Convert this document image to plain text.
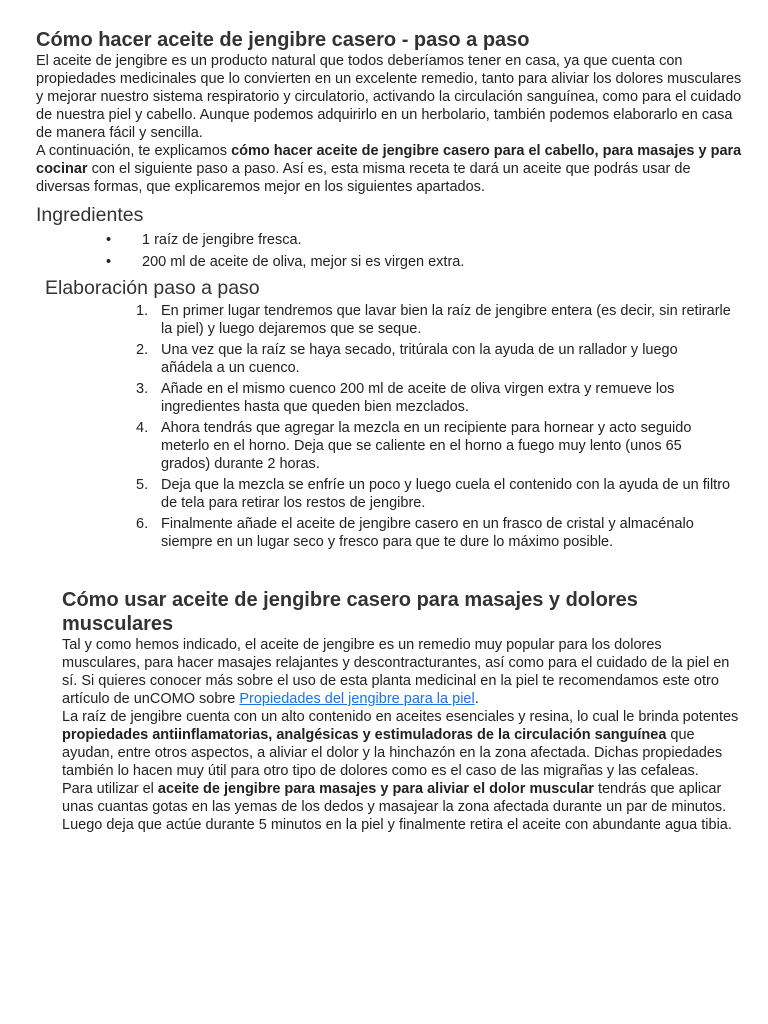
Cómo hacer aceite de jengibre casero - paso a paso

El aceite de jengibre es un producto natural que todos deberíamos tener en casa, ya que cuenta con propiedades medicinales que lo convierten en un excelente remedio, tanto para aliviar los dolores musculares y mejorar nuestro sistema respiratorio y circulatorio, activando la circulación sanguínea, como para el cuidado de nuestra piel y cabello. Aunque podemos adquirirlo en un herbolario, también podemos elaborarlo en casa de manera fácil y sencilla.

A continuación, te explicamos cómo hacer aceite de jengibre casero para el cabello, para masajes y para cocinar con el siguiente paso a paso. Así es, esta misma receta te dará un aceite que podrás usar de diversas formas, que explicaremos mejor en los siguientes apartados.

Ingredientes
• 1 raíz de jengibre fresca.
• 200 ml de aceite de oliva, mejor si es virgen extra.
Elaboración paso a paso
1. En primer lugar tendremos que lavar bien la raíz de jengibre entera (es decir, sin retirarle la piel) y luego dejaremos que se seque.
2. Una vez que la raíz se haya secado, tritúrala con la ayuda de un rallador y luego añádela a un cuenco.
3. Añade en el mismo cuenco 200 ml de aceite de oliva virgen extra y remueve los ingredientes hasta que queden bien mezclados.
4. Ahora tendrás que agregar la mezcla en un recipiente para hornear y acto seguido meterlo en el horno. Deja que se caliente en el horno a fuego muy lento (unos 65 grados) durante 2 horas.
5. Deja que la mezcla se enfríe un poco y luego cuela el contenido con la ayuda de un filtro de tela para retirar los restos de jengibre.
6. Finalmente añade el aceite de jengibre casero en un frasco de cristal y almacénalo siempre en un lugar seco y fresco para que te dure lo máximo posible.
Cómo usar aceite de jengibre casero para masajes y dolores musculares

Tal y como hemos indicado, el aceite de jengibre es un remedio muy popular para los dolores musculares, para hacer masajes relajantes y descontracturantes, así como para el cuidado de la piel en sí. Si quieres conocer más sobre el uso de esta planta medicinal en la piel te recomendamos este otro artículo de unCOMO sobre Propiedades del jengibre para la piel.

La raíz de jengibre cuenta con un alto contenido en aceites esenciales y resina, lo cual le brinda potentes propiedades antiinflamatorias, analgésicas y estimuladoras de la circulación sanguínea que ayudan, entre otros aspectos, a aliviar el dolor y la hinchazón en la zona afectada. Dichas propiedades también lo hacen muy útil para otro tipo de dolores como es el caso de las migrañas y las cefaleas.

Para utilizar el aceite de jengibre para masajes y para aliviar el dolor muscular tendrás que aplicar unas cuantas gotas en las yemas de los dedos y masajear la zona afectada durante un par de minutos. Luego deja que actúe durante 5 minutos en la piel y finalmente retira el aceite con abundante agua tibia.
